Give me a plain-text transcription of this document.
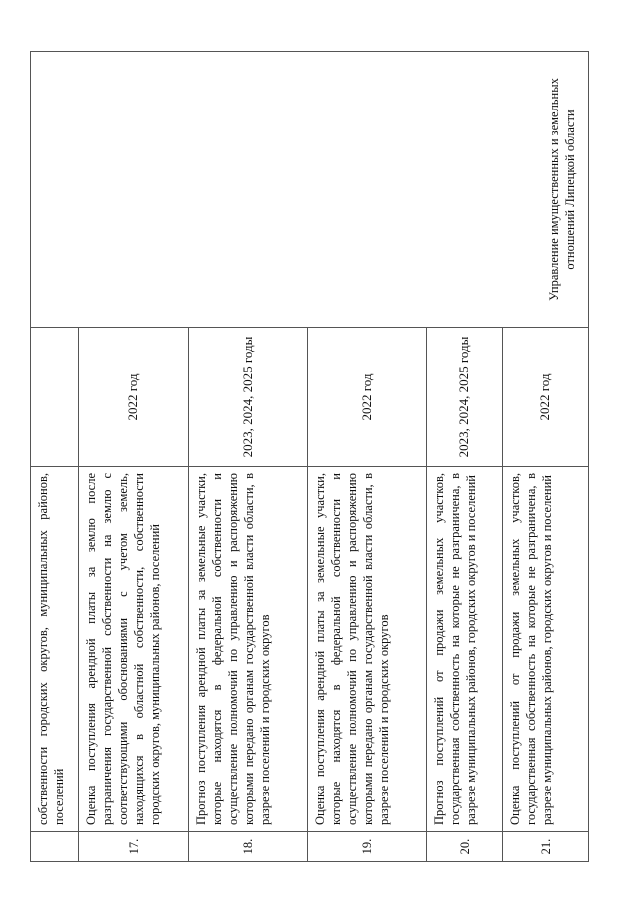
	собственности городских округов, муниципальных районов, поселений		Управление имущественных и земельных отношений Липецкой области
17.	Оценка поступления арендной платы за землю после разграничения государственной собственности на землю с соответствующими обоснованиями с учетом земель, находящихся в областной собственности, собственности городских округов, муниципальных районов, поселений	2022 год	
18.	Прогноз поступления арендной платы за земельные участки, которые находятся в федеральной собственности и осуществление полномочий по управлению и распоряжению которыми передано органам государственной власти области, в разрезе поселений и городских округов	2023, 2024, 2025 годы	
19.	Оценка поступления арендной платы за земельные участки, которые находятся в федеральной собственности и осуществление полномочий по управлению и распоряжению которыми передано органам государственной власти области, в разрезе поселений и городских округов	2022 год	
20.	Прогноз поступлений от продажи земельных участков, государственная собственность на которые не разграничена, в разрезе муниципальных районов, городских округов и поселений	2023, 2024, 2025 годы	
21.	Оценка поступлений от продажи земельных участков, государственная собственность на которые не разграничена, в разрезе муниципальных районов, городских округов и поселений	2022 год	
